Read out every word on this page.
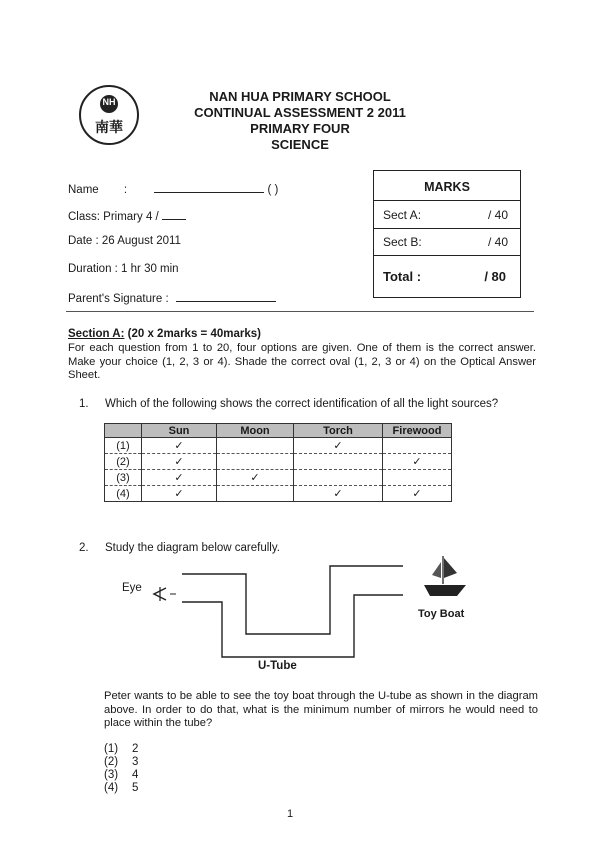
NH
南華
NAN HUA PRIMARY SCHOOL
CONTINUAL ASSESSMENT 2 2011
PRIMARY FOUR
SCIENCE
Name :	( )
Class: Primary 4 /
Date : 26 August 2011
Duration : 1 hr 30 min
Parent's Signature :
MARKS
Sect A:	/ 40
Sect B:	/ 40
Total :	/ 80
Section A: (20 x 2marks = 40marks)
For each question from 1 to 20, four options are given. One of them is the correct answer. Make your choice (1, 2, 3 or 4). Shade the correct oval (1, 2, 3 or 4) on the Optical Answer Sheet.
1. Which of the following shows the correct identification of all the light sources?
	Sun	Moon	Torch	Firewood
(1)	✓		✓	
(2)	✓			✓
(3)	✓	✓		
(4)	✓		✓	✓
2. Study the diagram below carefully.
Eye
Toy Boat
U-Tube
Peter wants to be able to see the toy boat through the U-tube as shown in the diagram above. In order to do that, what is the minimum number of mirrors he would need to place within the tube?
(1) 2
(2) 3
(3) 4
(4) 5
1
